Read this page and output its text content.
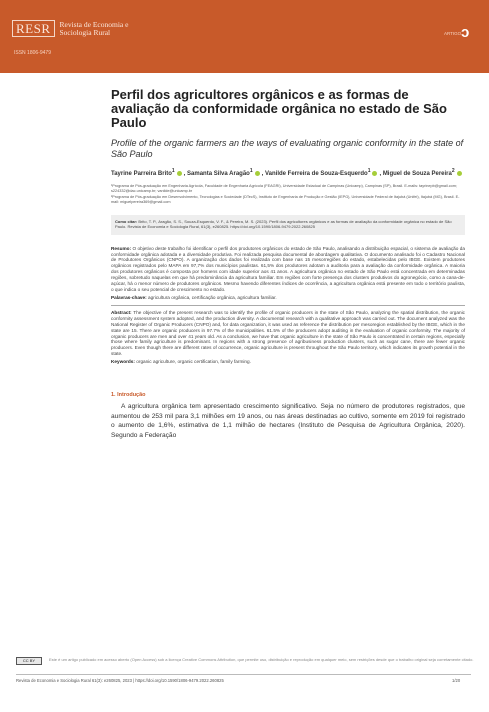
RESR	Revista de Economia e Sociologia Rural
ISSN 1806-9479
ARTIGO ɔ
Perfil dos agricultores orgânicos e as formas de avaliação da conformidade orgânica no estado de São Paulo
Profile of the organic farmers an the ways of evaluating organic conformity in the state of São Paulo
Tayrine Parreira Brito$^1$ , Samanta Silva Aragão$^1$ , Vanilde Ferreira de Souza-Esquerdo$^1$ , Miguel de Souza Pereira$^2$
¹Programa de Pós-graduação em Engenharia Agrícola, Faculdade de Engenharia Agrícola (FEAGRI), Universidade Estadual de Campinas (Unicamp), Campinas (SP), Brasil. E-mails: tayrinepb@gmail.com; s224332@dac.unicamp.br; vanilde@unicamp.br
²Programa de Pós-graduação em Desenvolvimento, Tecnologias e Sociedade (DTecS), Instituto de Engenharia de Produção e Gestão (IEPG), Universidade Federal de Itajubá (Unifei), Itajubá (MG), Brasil. E-mail: miguelpereira369@gmail.com
Como citar: Brito, T. P., Aragão, S. S., Souza-Esquerdo, V. F., & Pereira, M. S. (2023). Perfil dos agricultores orgânicos e as formas de avaliação da conformidade orgânica no estado de São Paulo. Revista de Economia e Sociologia Rural, 61(3), e260825. https://doi.org/10.1590/1806-9479.2022.260825

Resumo: O objetivo deste trabalho foi identificar o perfil dos produtores orgânicos do estado de São Paulo, analisando a distribuição espacial, o sistema de avaliação da conformidade orgânica adotada e a diversidade produtiva. Foi realizada pesquisa documental de abordagem qualitativa. O documento analisado foi o Cadastro Nacional de Produtores Orgânicos (CNPO). A organização dos dados foi realizada com base nas 15 mesorregiões do estado, estabelecidas pelo IBGE. Existem produtores orgânicos registrados pelo MAPA em 97,7% dos municípios paulistas. 61,5% dos produtores adotam a auditoria para a avaliação da conformidade orgânica. A maioria dos produtores orgânicos é composta por homens com idade superior aos 41 anos. A agricultura orgânica no estado de São Paulo está concentrada em determinadas regiões, sobretudo naquelas em que há predominância da agricultura familiar. Em regiões com forte presença dos clusters produtivos do agronegócio, como a cana-de-açúcar, há o menor número de produtores orgânicos. Mesmo havendo diferentes índices de ocorrência, a agricultura orgânica está presente em todo o território paulista, o que indica o seu potencial de crescimento no estado.

Palavras-chave: agricultura orgânica, certificação orgânica, agricultura familiar.

Abstract: The objective of the present research was to identify the profile of organic producers in the state of São Paulo, analyzing the spatial distribution, the organic conformity assessment system adopted, and the production diversity. A documental research with a qualitative approach was carried out. The document analyzed was the National Register of Organic Producers (CNPO) and, for data organization, it was used as reference the distribution per mesoregion established by the IBGE, which in the state are 15. There are organic producers in 97.7% of the municipalities. 61.5% of the producers adopt auditing in the evaluation of organic conformity. The majority of organic producers are men and over 41 years old. As a conclusion, we have that organic agriculture in the state of São Paulo is concentrated in certain regions, especially those where family agriculture is predominant. In regions with a strong presence of agribusiness production clusters, such as sugar cane, there are fewer organic producers. Even though there are different rates of occurrence, organic agriculture is present throughout the São Paulo territory, which indicates its growth potential in the state.

Keywords: organic agriculture, organic certification, family farming.

1. Introdução

A agricultura orgânica tem apresentado crescimento significativo. Seja no número de produtores registrados, que aumentou de 253 mil para 3,1 milhões em 19 anos, ou nas áreas destinadas ao cultivo, somente em 2019 foi registrado o aumento de 1,6%, estimativa de 1,1 milhão de hectares (Instituto de Pesquisa de Agricultura Orgânica, 2020). Segundo a Federação

CC BY	Este é um artigo publicado em acesso aberto (Open Access) sob a licença Creative Commons Attribution, que permite uso, distribuição e reprodução em qualquer meio, sem restrições desde que o trabalho original seja corretamente citado.
Revista de Economia e Sociologia Rural 61(3): e260825, 2023 | https://doi.org/10.1590/1806-9479.2022.260825	1/20
